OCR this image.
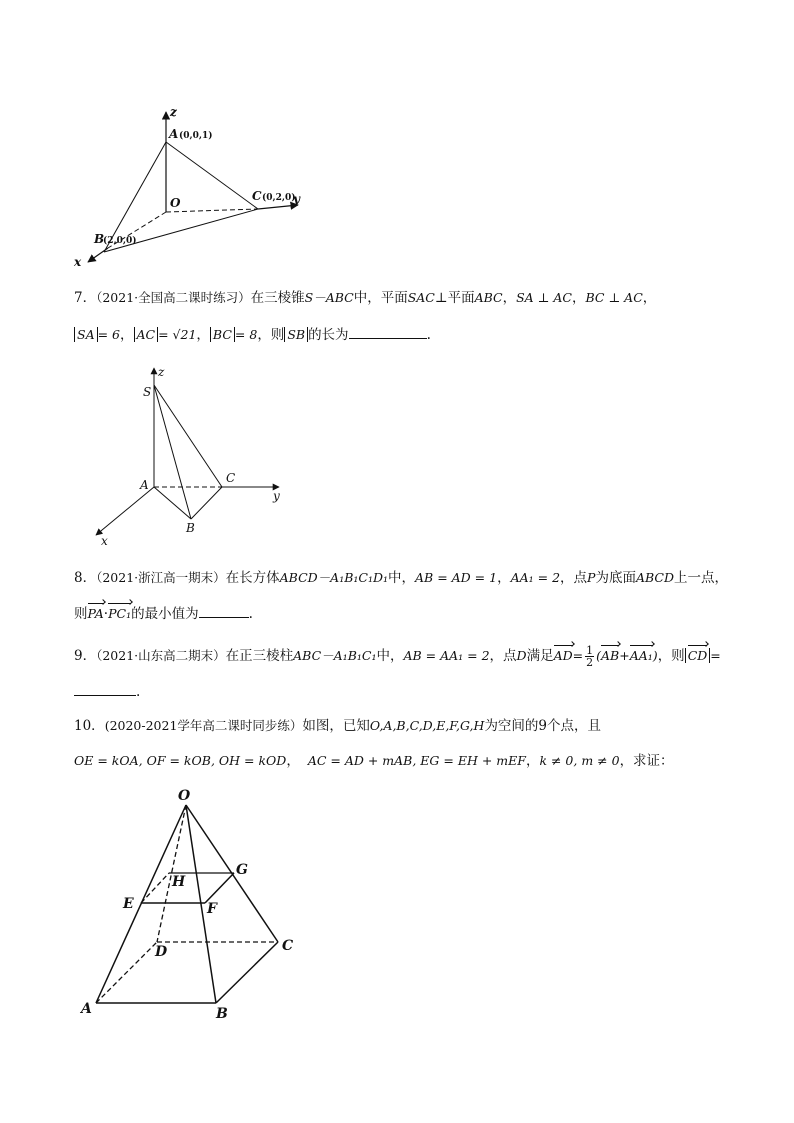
z
A (0,0,1)
O	C (0,2,0)
y
B
(2,0,0)
x
7．（2021·全国高二课时练习）在三棱锥S－ABC中，平面SAC⊥平面ABC，SA ⊥ AC，BC ⊥ AC，
SA = 6， AC = √21， BC = 8，则 SB 的长为	.
z
S
A	C
y
B
x
8．（2021·浙江高一期末）在长方体ABCD－A₁B₁C₁D₁中，AB = AD = 1，AA₁ = 2，点P为底面ABCD上一点，
则PA·PC₁的最小值为	.
9．（2021·山东高二期末）在正三棱柱ABC－A₁B₁C₁中，AB = AA₁ = 2，点D满足$AD= \frac{1}{2} (AB+AA_1)$，则 CD =
.
10．(2020-2021学年高二课时同步练）如图，已知O,A,B,C,D,E,F,G,H为空间的9个点，且
OE = kOA, OF = kOB, OH = kOD， AC = AD + mAB, EG = EH + mEF，k ≠ 0, m ≠ 0，求证：
O
H
G
E	F
D	C
A	B
